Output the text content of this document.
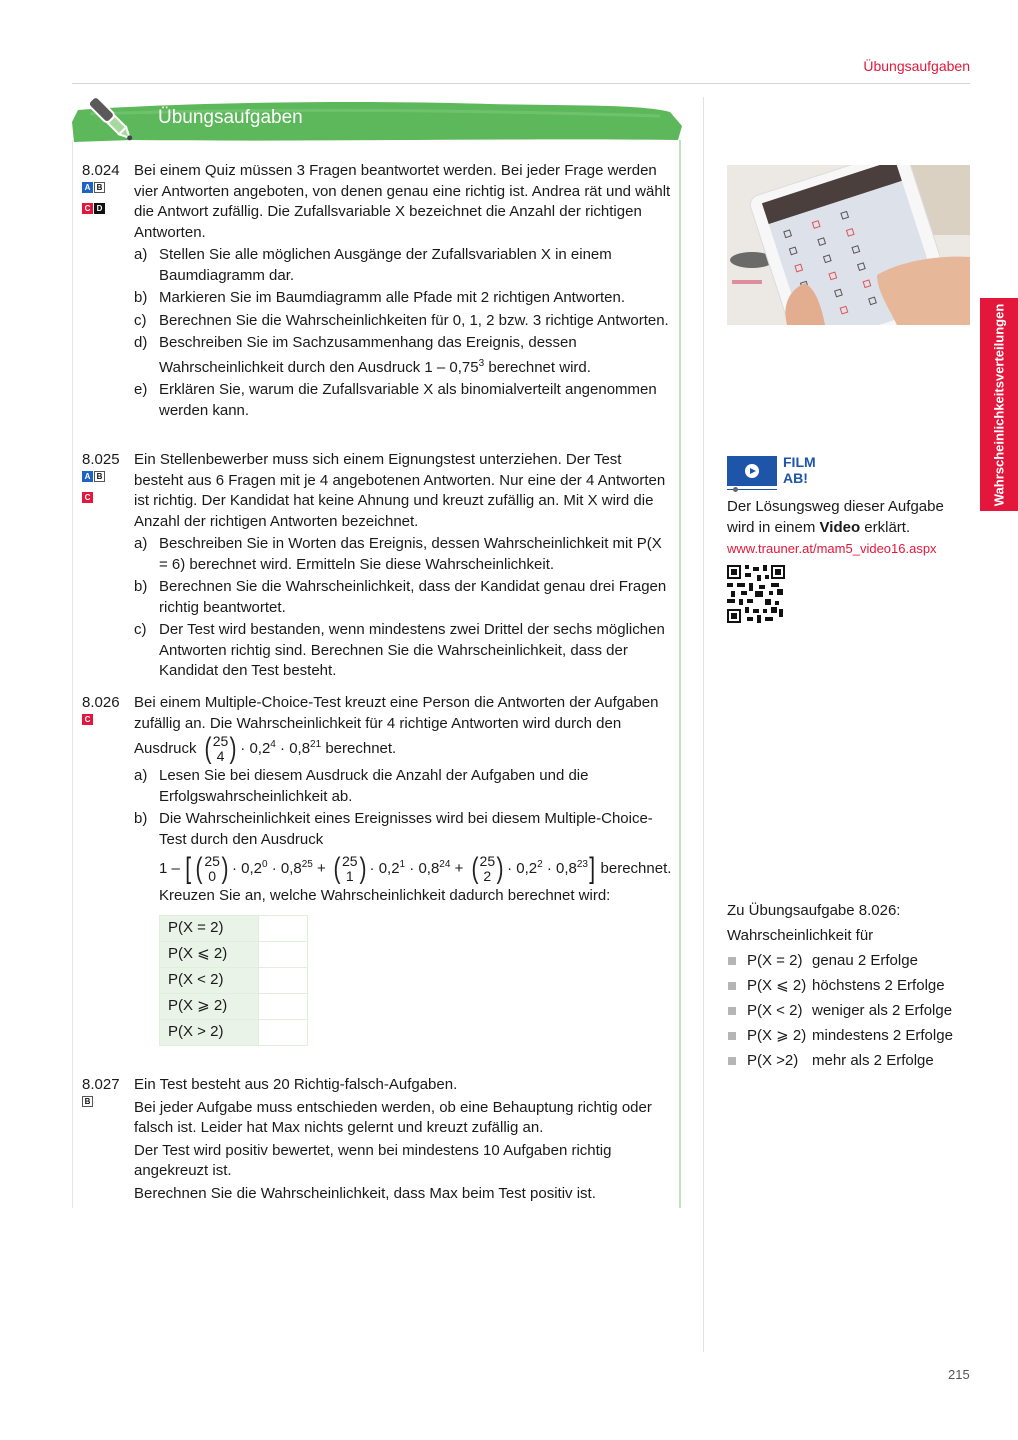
Übungsaufgaben
Übungsaufgaben
8.024
A B
C D

Bei einem Quiz müssen 3 Fragen beantwortet werden. Bei jeder Frage werden vier Antworten angeboten, von denen genau eine richtig ist. Andrea rät und wählt die Antwort zufällig. Die Zufallsvariable X bezeichnet die Anzahl der richtigen Antworten.

a) Stellen Sie alle möglichen Ausgänge der Zufallsvariablen X in einem Baumdiagramm dar.
b) Markieren Sie im Baumdiagramm alle Pfade mit 2 richtigen Antworten.
c) Berechnen Sie die Wahrscheinlichkeiten für 0, 1, 2 bzw. 3 richtige Antworten.
d) Beschreiben Sie im Sachzusammenhang das Ereignis, dessen Wahrscheinlichkeit durch den Ausdruck 1 – 0,75$^3$ berechnet wird.
e) Erklären Sie, warum die Zufallsvariable X als binomialverteilt angenommen werden kann.
8.025
A B
C

Ein Stellenbewerber muss sich einem Eignungstest unterziehen. Der Test besteht aus 6 Fragen mit je 4 angebotenen Antworten. Nur eine der 4 Antworten ist richtig. Der Kandidat hat keine Ahnung und kreuzt zufällig an. Mit X wird die Anzahl der richtigen Antworten bezeichnet.

a) Beschreiben Sie in Worten das Ereignis, dessen Wahrscheinlichkeit mit P(X = 6) berechnet wird. Ermitteln Sie diese Wahrscheinlichkeit.
b) Berechnen Sie die Wahrscheinlichkeit, dass der Kandidat genau drei Fragen richtig beantwortet.
c) Der Test wird bestanden, wenn mindestens zwei Drittel der sechs möglichen Antworten richtig sind. Berechnen Sie die Wahrscheinlichkeit, dass der Kandidat den Test besteht.
8.026
C

Bei einem Multiple-Choice-Test kreuzt eine Person die Antworten der Aufgaben zufällig an. Die Wahrscheinlichkeit für 4 richtige Antworten wird durch den Ausdruck ( 25
4 ) · $0,2^4 \cdot 0,8^{21}$ berechnet.

a) Lesen Sie bei diesem Ausdruck die Anzahl der Aufgaben und die Erfolgswahrscheinlichkeit ab.
b) Die Wahrscheinlichkeit eines Ereignisses wird bei diesem Multiple-Choice-Test durch den Ausdruck
1 – [ ( 25
0 ) · $0,2^0 \cdot 0,8^{25}$ + ( 25
1 ) · $0,2^1 \cdot 0,8^{24}$ + ( 25
2 ) · $0,2^2 \cdot 0,8^{23}$] berechnet.
Kreuzen Sie an, welche Wahrscheinlichkeit dadurch berechnet wird:
P(X = 2)	
P(X ⩽ 2)	
P(X < 2)	
P(X ⩾ 2)	
P(X > 2)	
8.027
B

Ein Test besteht aus 20 Richtig-falsch-Aufgaben.

Bei jeder Aufgabe muss entschieden werden, ob eine Behauptung richtig oder falsch ist. Leider hat Max nichts gelernt und kreuzt zufällig an.

Der Test wird positiv bewertet, wenn bei mindestens 10 Aufgaben richtig angekreuzt ist.

Berechnen Sie die Wahrscheinlichkeit, dass Max beim Test positiv ist.

FILM
AB!
Der Lösungsweg dieser Aufgabe wird in einem Video erklärt.
www.trauner.at/mam5_video16.aspx
Wahrscheinlichkeitsverteilungen
Zu Übungsaufgabe 8.026:
Wahrscheinlichkeit für
P(X = 2) genau 2 Erfolge
P(X ⩽ 2) höchstens 2 Erfolge
P(X < 2) weniger als 2 Erfolge
P(X ⩾ 2) mindestens 2 Erfolge
P(X >2) mehr als 2 Erfolge
215
